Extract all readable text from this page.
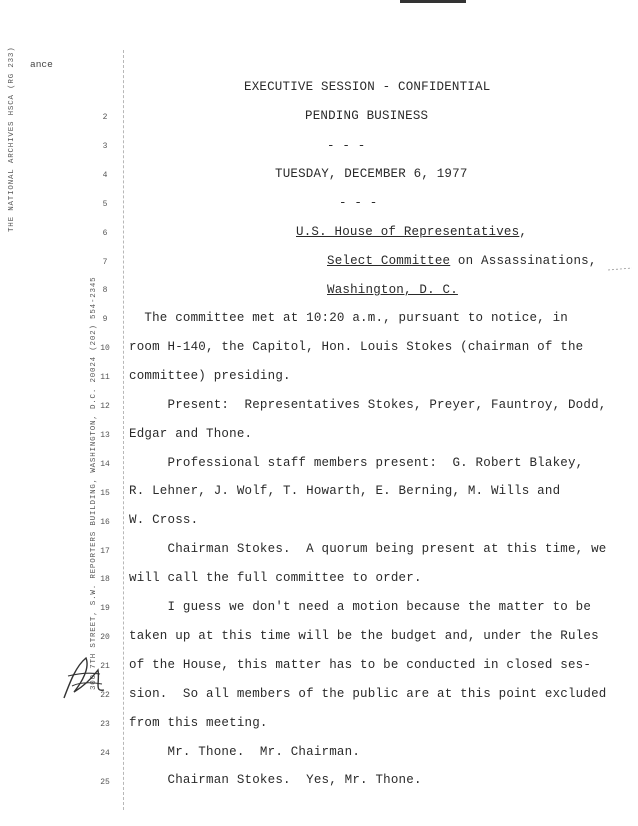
THE NATIONAL ARCHIVES HSCA (RG 233) ance
300 7TH STREET, S.W. REPORTERS BUILDING, WASHINGTON, D.C. 20024 (202) 554-2345
EXECUTIVE SESSION - CONFIDENTIAL
PENDING BUSINESS
- - -
TUESDAY, DECEMBER 6, 1977
- - -
U.S. House of Representatives,
Select Committee on Assassinations,
Washington, D. C.
2
3
4
5
6
7
8
9
10
11
12
13
14
15
16
17
18
19
20
21
22
23
24
25
The committee met at 10:20 a.m., pursuant to notice, in
room H-140, the Capitol, Hon. Louis Stokes (chairman of the
committee) presiding.
Present:  Representatives Stokes, Preyer, Fauntroy, Dodd,
Edgar and Thone.
Professional staff members present:  G. Robert Blakey,
R. Lehner, J. Wolf, T. Howarth, E. Berning, M. Wills and
W. Cross.
Chairman Stokes.  A quorum being present at this time, we
will call the full committee to order.
I guess we don't need a motion because the matter to be
taken up at this time will be the budget and, under the Rules
of the House, this matter has to be conducted in closed ses-
sion.  So all members of the public are at this point excluded
from this meeting.
Mr. Thone.  Mr. Chairman.
Chairman Stokes.  Yes, Mr. Thone.
